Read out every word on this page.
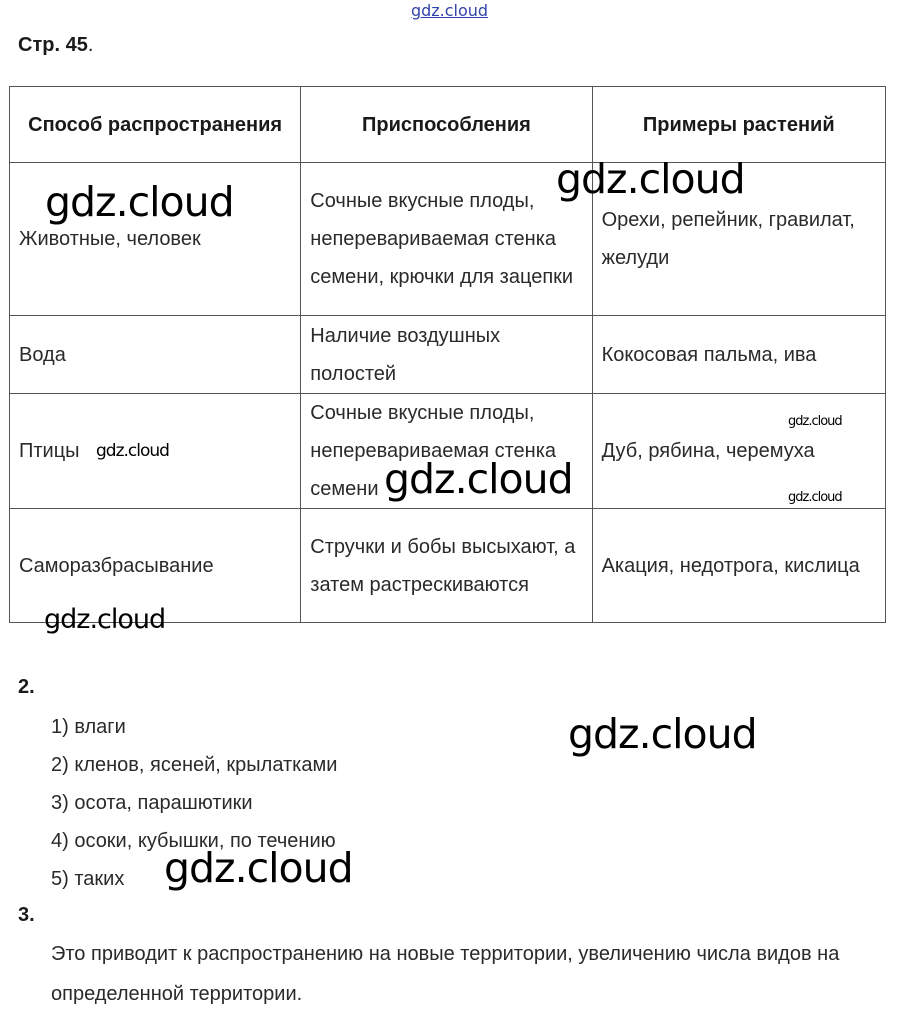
gdz.cloud
Стр. 45.
Способ распространения	Приспособления	Примеры растений
Животные, человек	Сочные вкусные плоды, непереваривaемая стенка семени, крючки для зацепки	Орехи, репейник, гравилат, желуди
Вода	Наличие воздушных полостей	Кокосовая пальма, ива
Птицы	Сочные вкусные плоды, непереваривaемая стенка семени	Дуб, рябина, черемуха
Саморазбрасывание	Стручки и бобы высыхают, а затем растрескиваются	Акация, недотрога, кислица
2.
1) влаги
2) кленов, ясеней, крылатками
3) осота, парашютики
4) осоки, кубышки, по течению
5) таких
3.
Это приводит к распространению на новые территории, увеличению числа видов на определенной территории.
gdz.cloud	gdz.cloud
gdz.cloud
gdz.cloud
gdz.cloud	gdz.cloud
gdz.cloud
gdz.cloud
gdz.cloud
